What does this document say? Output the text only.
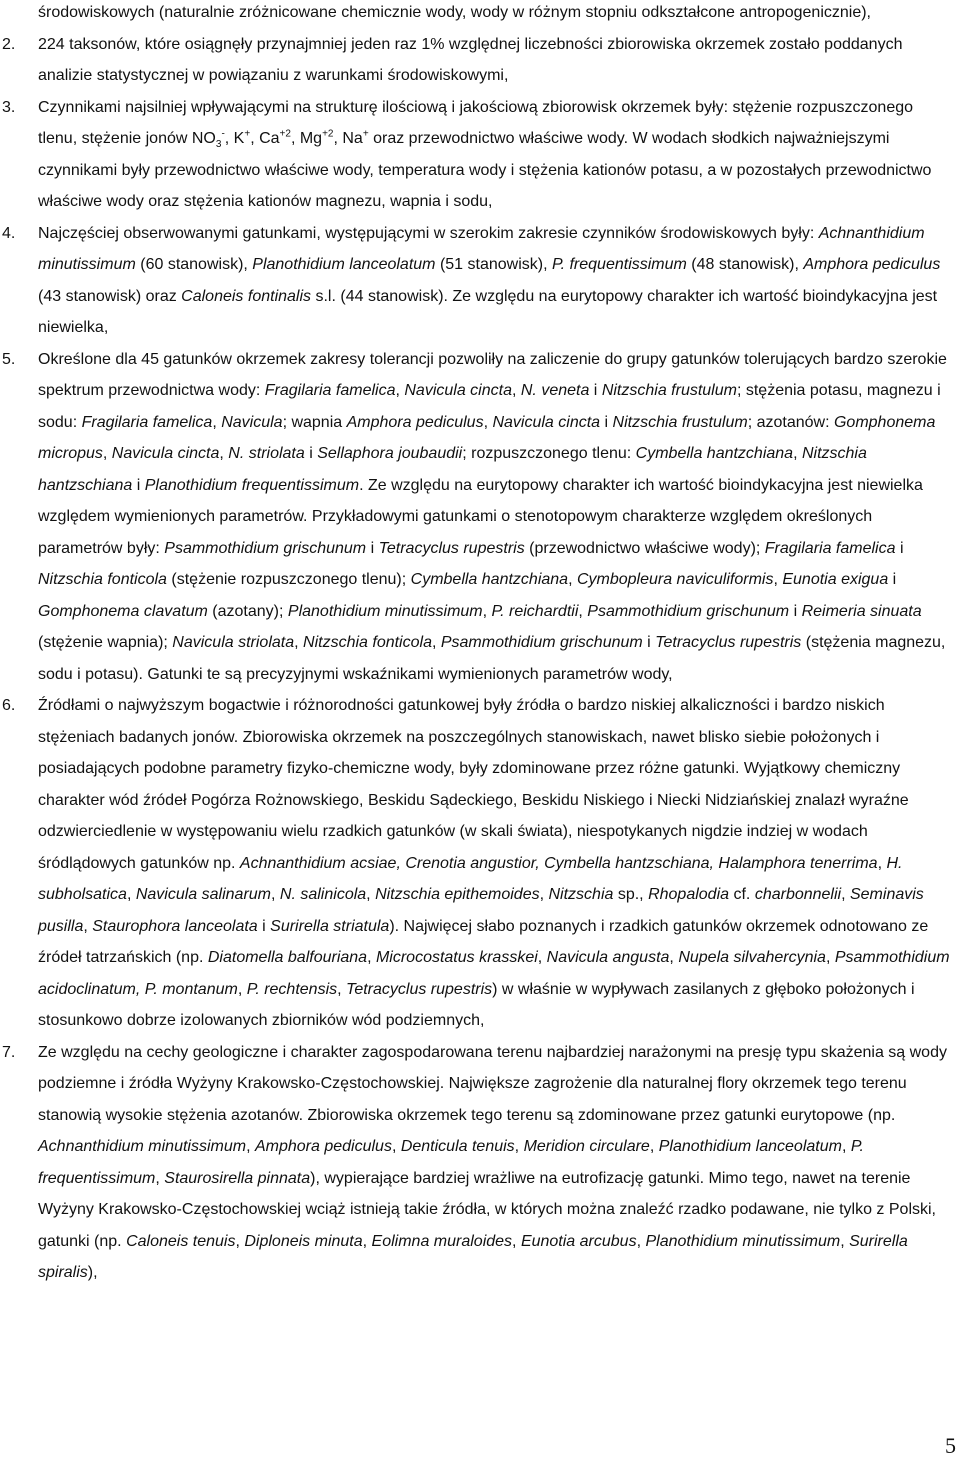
środowiskowych (naturalnie zróżnicowane chemicznie wody, wody w różnym stopniu odkształcone antropogenicznie),
2. 224 taksonów, które osiągnęły przynajmniej jeden raz 1% względnej liczebności zbiorowiska okrzemek zostało poddanych analizie statystycznej w powiązaniu z warunkami środowiskowymi,
3. Czynnikami najsilniej wpływającymi na strukturę ilościową i jakościową zbiorowisk okrzemek były: stężenie rozpuszczonego tlenu, stężenie jonów $NO_3^-$, K+, $Ca^{+2}$, $Mg^{+2}$, Na+ oraz przewodnictwo właściwe wody. W wodach słodkich najważniejszymi czynnikami były przewodnictwo właściwe wody, temperatura wody i stężenia kationów potasu, a w pozostałych przewodnictwo właściwe wody oraz stężenia kationów magnezu, wapnia i sodu,
4. Najczęściej obserwowanymi gatunkami, występującymi w szerokim zakresie czynników środowiskowych były: Achnanthidium minutissimum (60 stanowisk), Planothidium lanceolatum (51 stanowisk), P. frequentissimum (48 stanowisk), Amphora pediculus (43 stanowisk) oraz Caloneis fontinalis s.l. (44 stanowisk). Ze względu na eurytopowy charakter ich wartość bioindykacyjna jest niewielka,
5. Określone dla 45 gatunków okrzemek zakresy tolerancji pozwoliły na zaliczenie do grupy gatunków tolerujących bardzo szerokie spektrum przewodnictwa wody: Fragilaria famelica, Navicula cincta, N. veneta i Nitzschia frustulum; stężenia potasu, magnezu i sodu: Fragilaria famelica, Navicula; wapnia Amphora pediculus, Navicula cincta i Nitzschia frustulum; azotanów: Gomphonema micropus, Navicula cincta, N. striolata i Sellaphora joubaudii; rozpuszczonego tlenu: Cymbella hantzchiana, Nitzschia hantzschiana i Planothidium frequentissimum. Ze względu na eurytopowy charakter ich wartość bioindykacyjna jest niewielka względem wymienionych parametrów. Przykładowymi gatunkami o stenotopowym charakterze względem określonych parametrów były: Psammothidium grischunum i Tetracyclus rupestris (przewodnictwo właściwe wody); Fragilaria famelica i Nitzschia fonticola (stężenie rozpuszczonego tlenu); Cymbella hantzchiana, Cymbopleura naviculiformis, Eunotia exigua i Gomphonema clavatum (azotany); Planothidium minutissimum, P. reichardtii, Psammothidium grischunum i Reimeria sinuata (stężenie wapnia); Navicula striolata, Nitzschia fonticola, Psammothidium grischunum i Tetracyclus rupestris (stężenia magnezu, sodu i potasu). Gatunki te są precyzyjnymi wskaźnikami wymienionych parametrów wody,
6. Źródłami o najwyższym bogactwie i różnorodności gatunkowej były źródła o bardzo niskiej alkaliczności i bardzo niskich stężeniach badanych jonów. Zbiorowiska okrzemek na poszczególnych stanowiskach, nawet blisko siebie położonych i posiadających podobne parametry fizyko-chemiczne wody, były zdominowane przez różne gatunki. Wyjątkowy chemiczny charakter wód źródeł Pogórza Rożnowskiego, Beskidu Sądeckiego, Beskidu Niskiego i Niecki Nidziańskiej znalazł wyraźne odzwierciedlenie w występowaniu wielu rzadkich gatunków (w skali świata), niespotykanych nigdzie indziej w wodach śródlądowych gatunków np. Achnanthidium acsiae, Crenotia angustior, Cymbella hantzschiana, Halamphora tenerrima, H. subholsatica, Navicula salinarum, N. salinicola, Nitzschia epithemoides, Nitzschia sp., Rhopalodia cf. charbonnelii, Seminavis pusilla, Staurophora lanceolata i Surirella striatula). Najwięcej słabo poznanych i rzadkich gatunków okrzemek odnotowano ze źródeł tatrzańskich (np. Diatomella balfouriana, Microcostatus krasskei, Navicula angusta, Nupela silvahercynia, Psammothidium acidoclinatum, P. montanum, P. rechtensis, Tetracyclus rupestris) w właśnie w wypływach zasilanych z głęboko położonych i stosunkowo dobrze izolowanych zbiorników wód podziemnych,
7. Ze względu na cechy geologiczne i charakter zagospodarowana terenu najbardziej narażonymi na presję typu skażenia są wody podziemne i źródła Wyżyny Krakowsko-Częstochowskiej. Największe zagrożenie dla naturalnej flory okrzemek tego terenu stanowią wysokie stężenia azotanów. Zbiorowiska okrzemek tego terenu są zdominowane przez gatunki eurytopowe (np. Achnanthidium minutissimum, Amphora pediculus, Denticula tenuis, Meridion circulare, Planothidium lanceolatum, P. frequentissimum, Staurosirella pinnata), wypierające bardziej wrażliwe na eutrofizację gatunki. Mimo tego, nawet na terenie Wyżyny Krakowsko-Częstochowskiej wciąż istnieją takie źródła, w których można znaleźć rzadko podawane, nie tylko z Polski, gatunki (np. Caloneis tenuis, Diploneis minuta, Eolimna muraloides, Eunotia arcubus, Planothidium minutissimum, Surirella spiralis),
5
